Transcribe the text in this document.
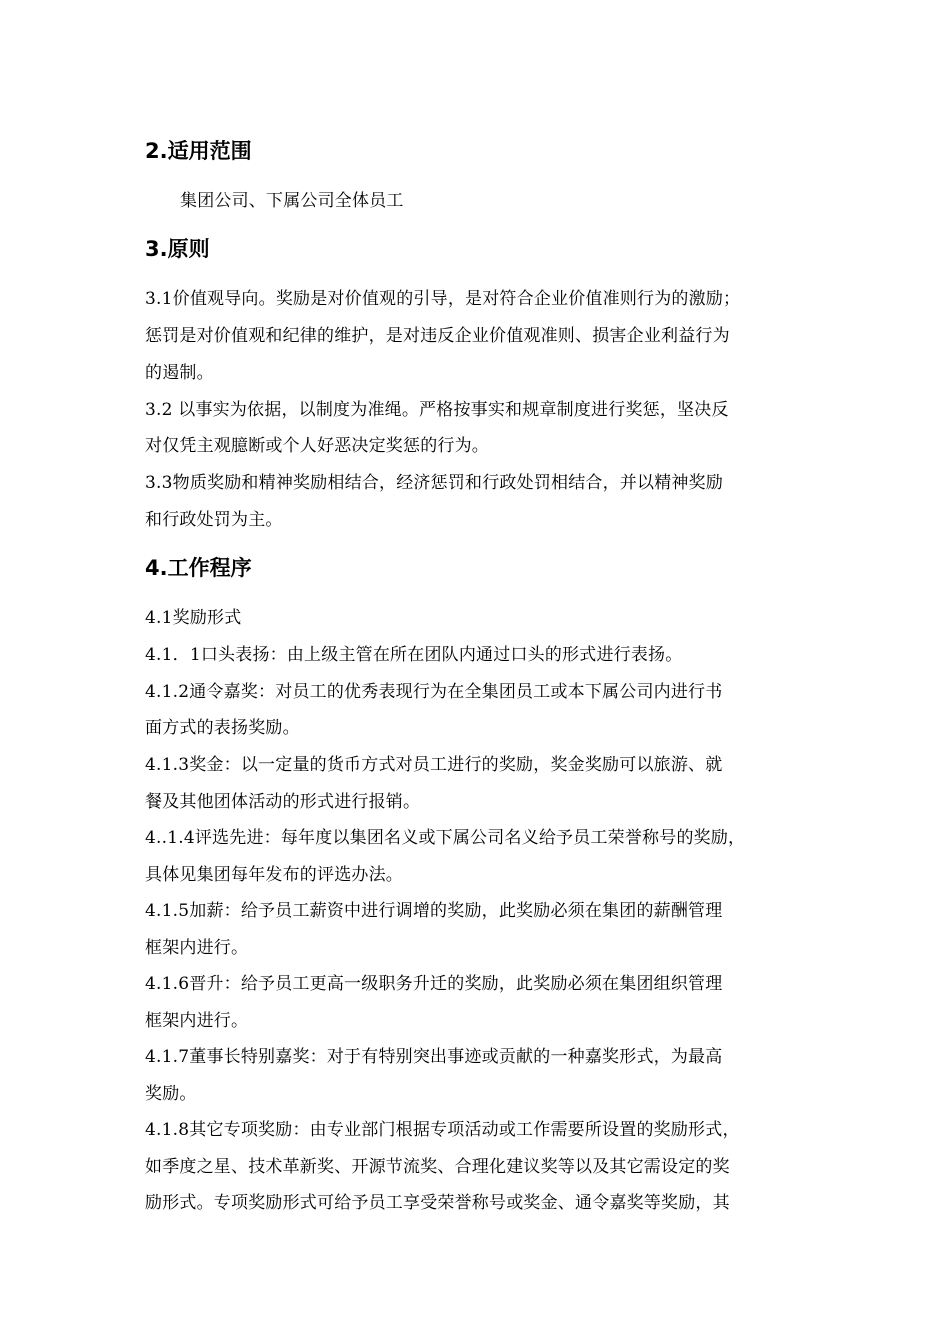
2.适用范围

集团公司、下属公司全体员工

3.原则

3.1价值观导向。奖励是对价值观的引导，是对符合企业价值准则行为的激励；

惩罚是对价值观和纪律的维护，是对违反企业价值观准则、损害企业利益行为

的遏制。

3.2 以事实为依据，以制度为准绳。严格按事实和规章制度进行奖惩，坚决反

对仅凭主观臆断或个人好恶决定奖惩的行为。

3.3物质奖励和精神奖励相结合，经济惩罚和行政处罚相结合，并以精神奖励

和行政处罚为主。

4.工作程序

4.1奖励形式

4.1．1口头表扬：由上级主管在所在团队内通过口头的形式进行表扬。

4.1.2通令嘉奖：对员工的优秀表现行为在全集团员工或本下属公司内进行书

面方式的表扬奖励。

4.1.3奖金：以一定量的货币方式对员工进行的奖励，奖金奖励可以旅游、就

餐及其他团体活动的形式进行报销。

4..1.4评选先进：每年度以集团名义或下属公司名义给予员工荣誉称号的奖励，

具体见集团每年发布的评选办法。

4.1.5加薪：给予员工薪资中进行调增的奖励，此奖励必须在集团的薪酬管理

框架内进行。

4.1.6晋升：给予员工更高一级职务升迁的奖励，此奖励必须在集团组织管理

框架内进行。

4.1.7董事长特别嘉奖：对于有特别突出事迹或贡献的一种嘉奖形式，为最高

奖励。

4.1.8其它专项奖励：由专业部门根据专项活动或工作需要所设置的奖励形式，

如季度之星、技术革新奖、开源节流奖、合理化建议奖等以及其它需设定的奖

励形式。专项奖励形式可给予员工享受荣誉称号或奖金、通令嘉奖等奖励，其
